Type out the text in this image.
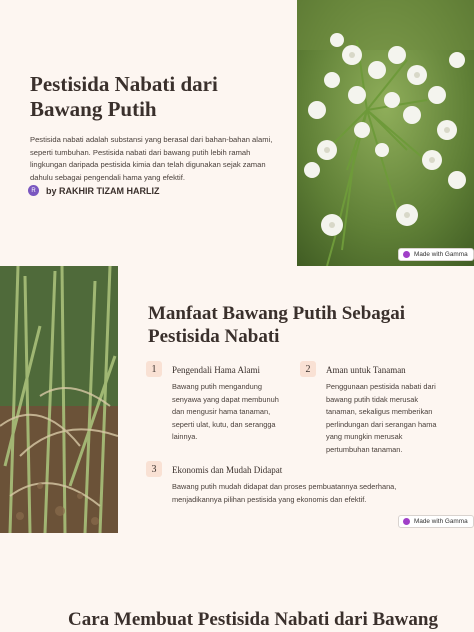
Pestisida Nabati dari Bawang Putih

Pestisida nabati adalah substansi yang berasal dari bahan-bahan alami, seperti tumbuhan. Pestisida nabati dari bawang putih lebih ramah lingkungan daripada pestisida kimia dan telah digunakan sejak zaman dahulu sebagai pengendali hama yang efektif.

R	by RAKHIR TIZAM HARLIZ
Made with Gamma
Manfaat Bawang Putih Sebagai Pestisida Nabati
1	Pengendali Hama Alami
Bawang putih mengandung senyawa yang dapat membunuh dan mengusir hama tanaman, seperti ulat, kutu, dan serangga lainnya.
2	Aman untuk Tanaman
Penggunaan pestisida nabati dari bawang putih tidak merusak tanaman, sekaligus memberikan perlindungan dari serangan hama yang mungkin merusak pertumbuhan tanaman.
3	Ekonomis dan Mudah Didapat
Bawang putih mudah didapat dan proses pembuatannya sederhana, menjadikannya pilihan pestisida yang ekonomis dan efektif.
Made with Gamma
Cara Membuat Pestisida Nabati dari Bawang
